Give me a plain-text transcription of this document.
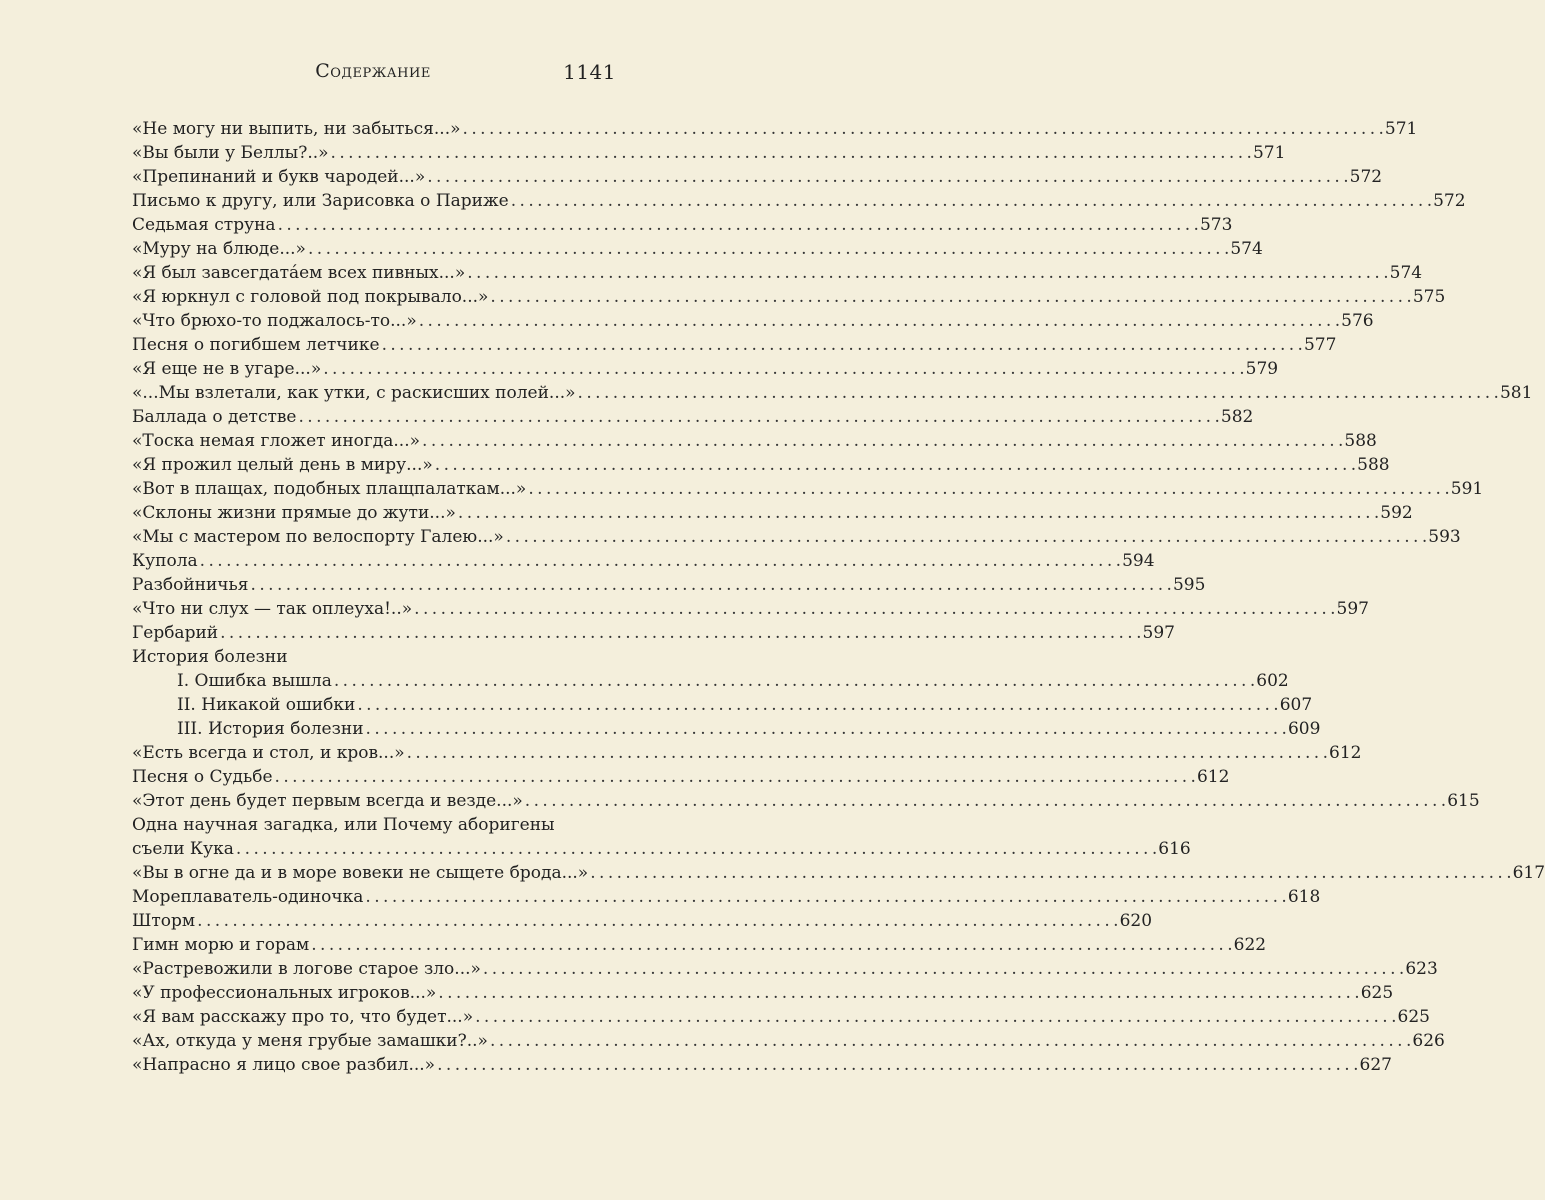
Содержание	1141
«Не могу ни выпить, ни забыться...» . . .	571
«Вы были у Беллы?..» . . .	571
«Препинаний и букв чародей...» . . .	572
Письмо к другу, или Зарисовка о Париже . . .	572
Седьмая струна . . .	573
«Муру на блюде...» . . .	574
«Я был завсегдатáем всех пивных...» . . .	574
«Я юркнул с головой под покрывало...» . . .	575
«Что брюхо-то поджалось-то...» . . .	576
Песня о погибшем летчике . . .	577
«Я еще не в угаре...» . . .	579
«...Мы взлетали, как утки, с раскисших полей...» . . .	581
Баллада о детстве . . .	582
«Тоска немая гложет иногда...» . . .	588
«Я прожил целый день в миру...» . . .	588
«Вот в плащах, подобных плащпалаткам...» . . .	591
«Склоны жизни прямые до жути...» . . .	592
«Мы с мастером по велоспорту Галею...» . . .	593
Купола . . .	594
Разбойничья . . .	595
«Что ни слух — так оплеуха!..» . . .	597
Гербарий . . .	597
История болезни
I. Ошибка вышла . . .	602
II. Никакой ошибки . . .	607
III. История болезни . . .	609
«Есть всегда и стол, и кров...» . . .	612
Песня о Судьбе . . .	612
«Этот день будет первым всегда и везде...» . . .	615
Одна научная загадка, или Почему аборигены
съели Кука . . .	616
«Вы в огне да и в море вовеки не сыщете брода...» . . .	617
Мореплаватель-одиночка . . .	618
Шторм . . .	620
Гимн морю и горам . . .	622
«Растревожили в логове старое зло...» . . .	623
«У профессиональных игроков...» . . .	625
«Я вам расскажу про то, что будет...» . . .	625
«Ах, откуда у меня грубые замашки?..» . . .	626
«Напрасно я лицо свое разбил...» . . .	627
